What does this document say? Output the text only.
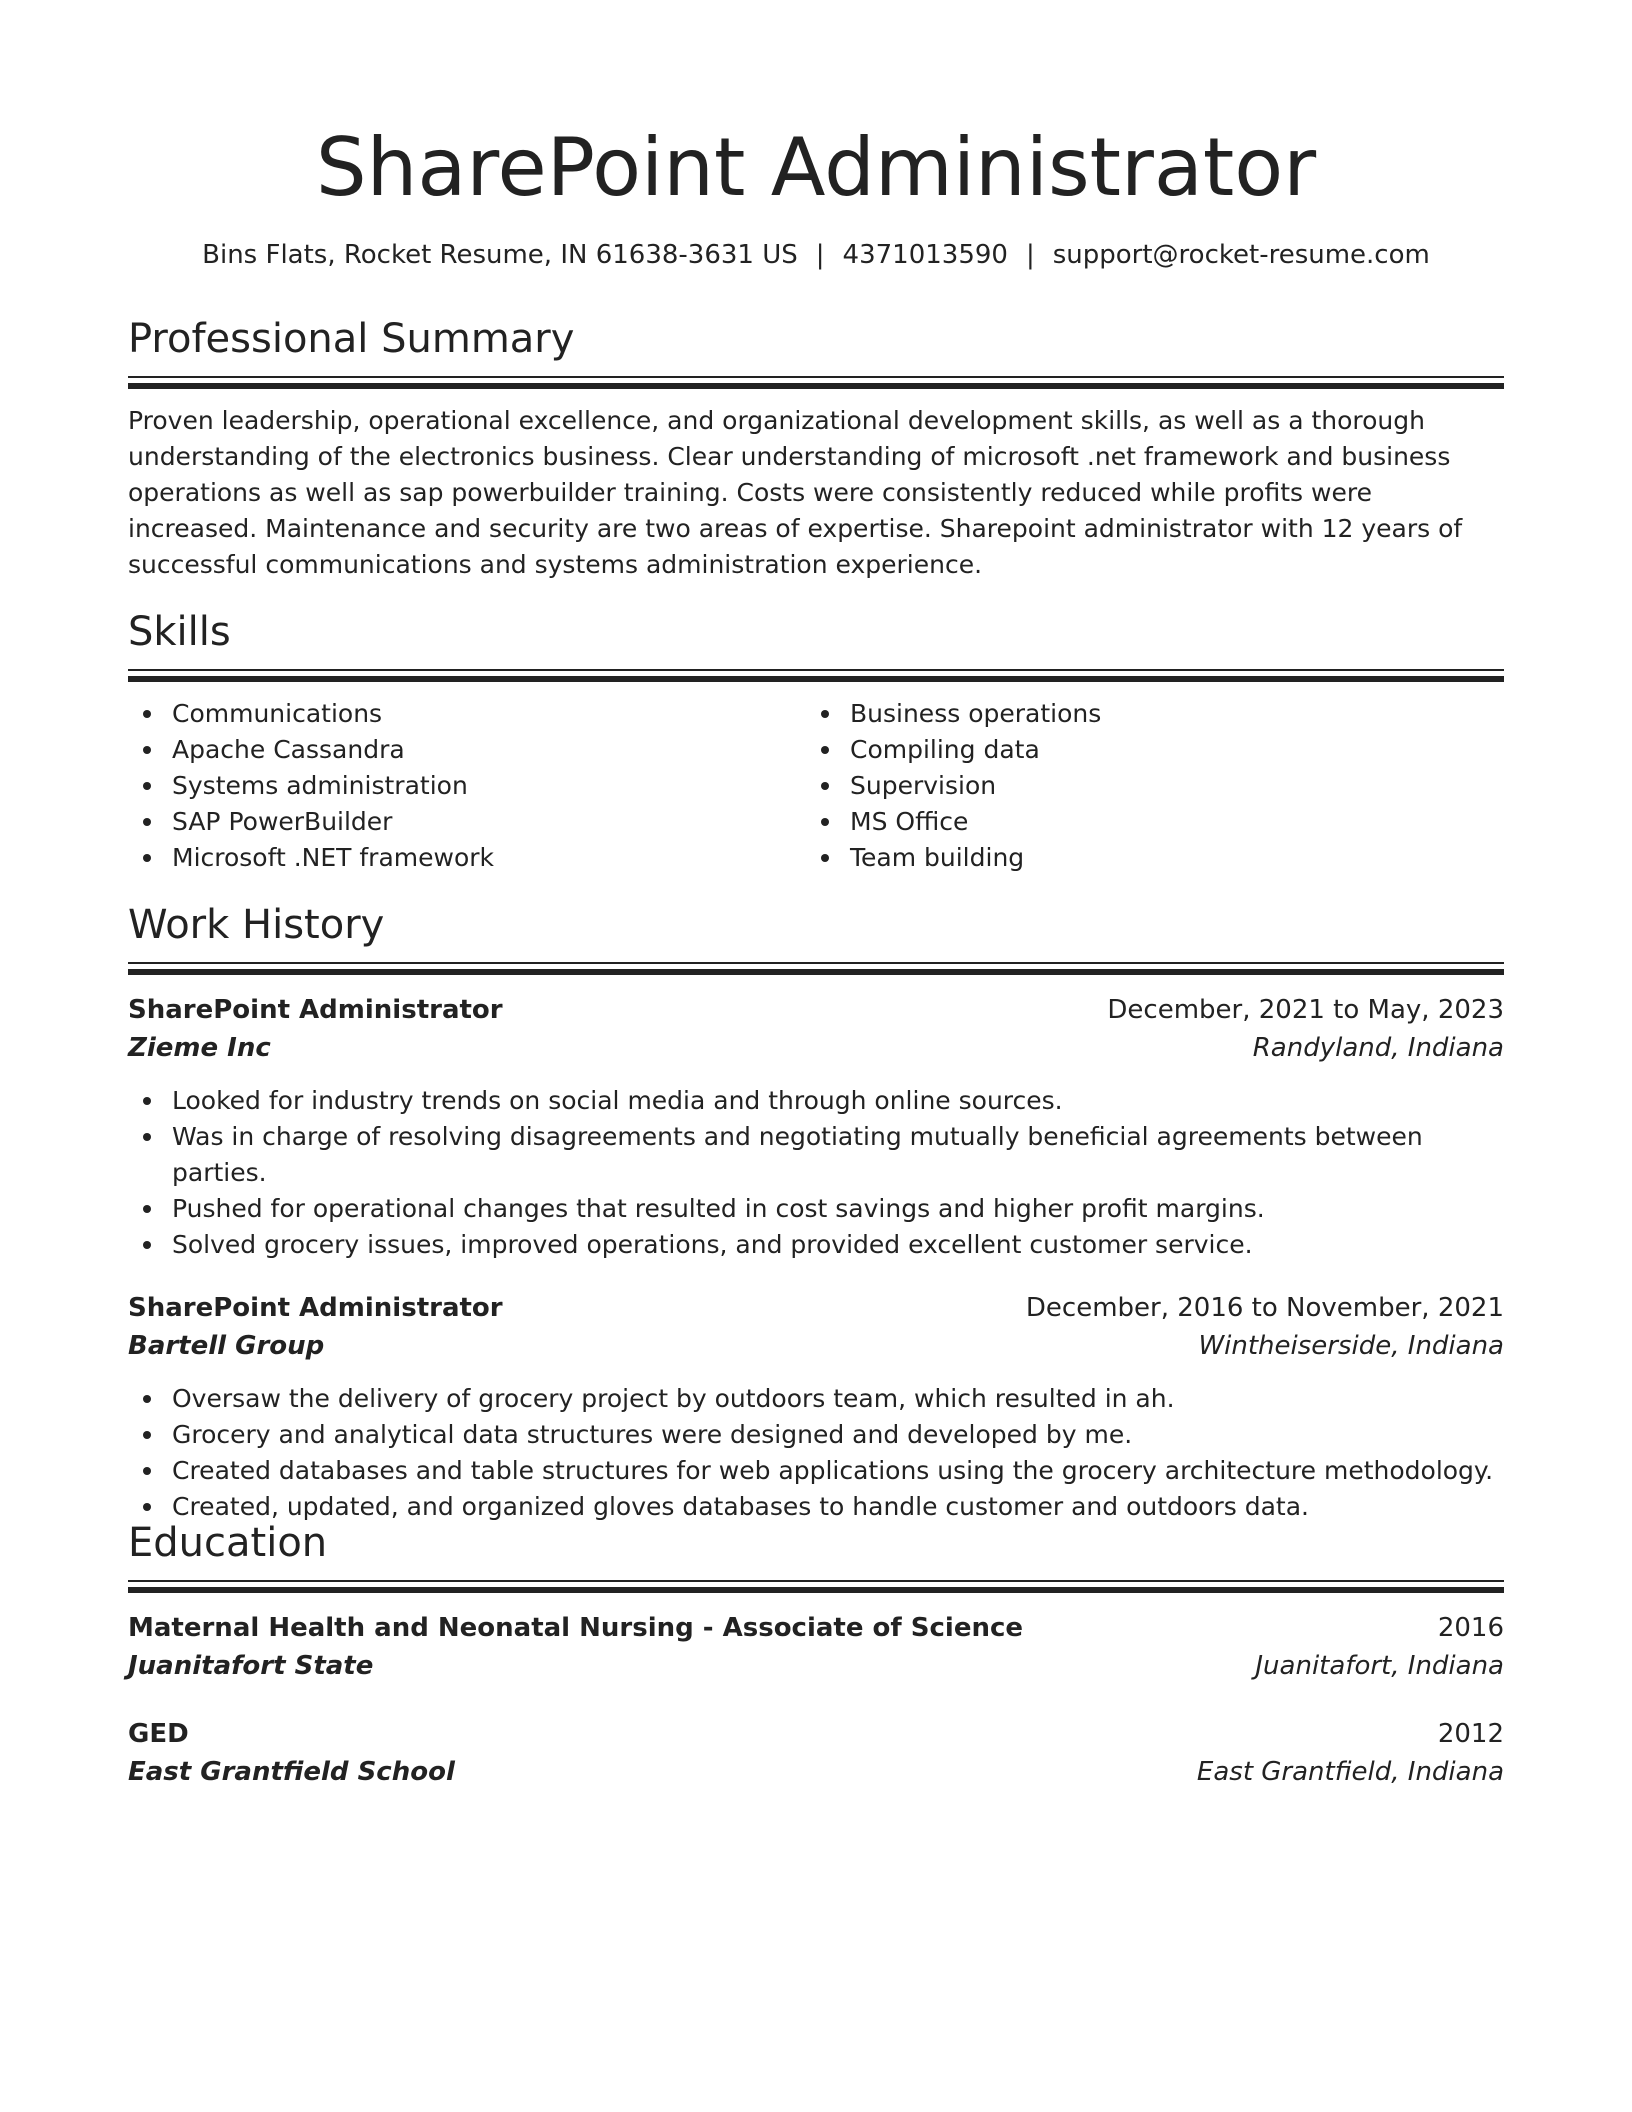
SharePoint Administrator
Bins Flats, Rocket Resume, IN 61638-3631 US | 4371013590 | support@rocket-resume.com
Professional Summary

Proven leadership, operational excellence, and organizational development skills, as well as a thorough understanding of the electronics business. Clear understanding of microsoft .net framework and business operations as well as sap powerbuilder training. Costs were consistently reduced while profits were increased. Maintenance and security are two areas of expertise. Sharepoint administrator with 12 years of successful communications and systems administration experience.

Skills
Communications
Apache Cassandra
Systems administration
SAP PowerBuilder
Microsoft .NET framework
Business operations
Compiling data
Supervision
MS Office
Team building
Work History
SharePoint Administrator	December, 2021 to May, 2023
Zieme Inc	Randyland, Indiana
Looked for industry trends on social media and through online sources.
Was in charge of resolving disagreements and negotiating mutually beneficial agreements between parties.
Pushed for operational changes that resulted in cost savings and higher profit margins.
Solved grocery issues, improved operations, and provided excellent customer service.
SharePoint Administrator	December, 2016 to November, 2021
Bartell Group	Wintheiserside, Indiana
Oversaw the delivery of grocery project by outdoors team, which resulted in ah.
Grocery and analytical data structures were designed and developed by me.
Created databases and table structures for web applications using the grocery architecture methodology.
Created, updated, and organized gloves databases to handle customer and outdoors data.
Education
Maternal Health and Neonatal Nursing - Associate of Science	2016
Juanitafort State	Juanitafort, Indiana
GED	2012
East Grantfield School	East Grantfield, Indiana
